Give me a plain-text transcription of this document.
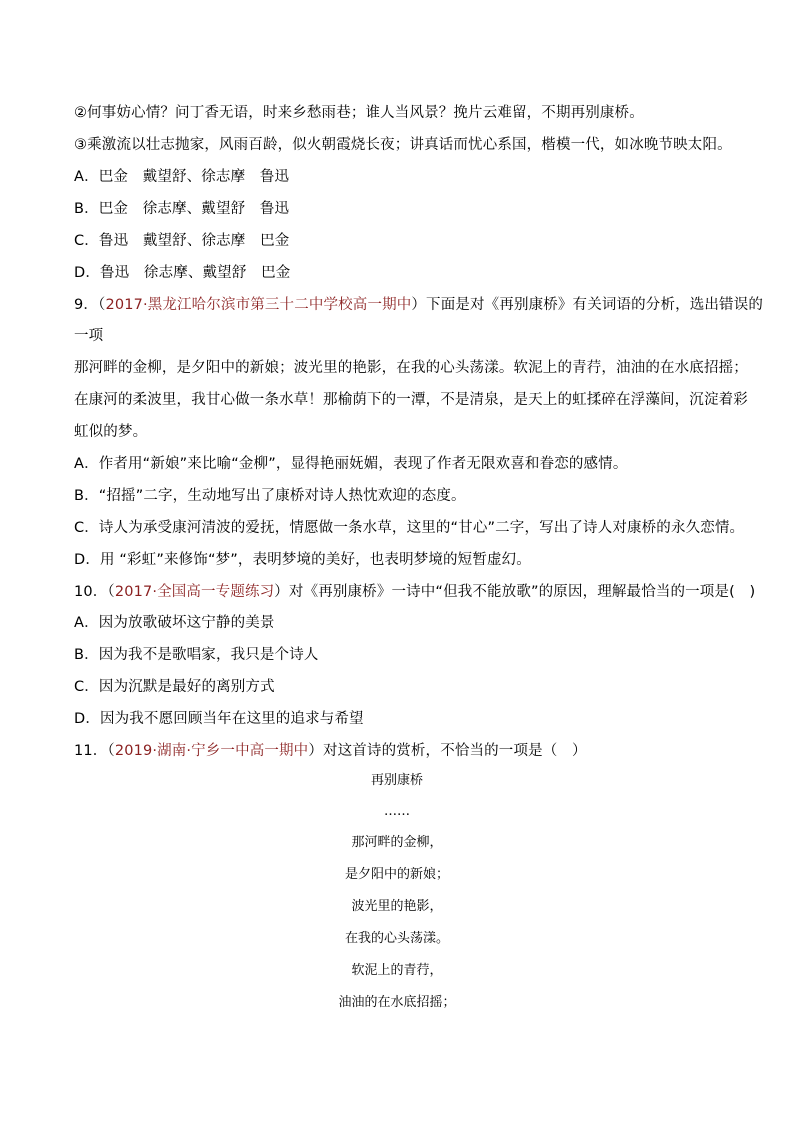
②何事妨心情？问丁香无语，时来乡愁雨巷；谁人当风景？挽片云难留，不期再别康桥。
③乘激流以壮志抛家，风雨百龄，似火朝霞烧长夜；讲真话而忧心系国，楷模一代，如冰晚节映太阳。
A．巴金　戴望舒、徐志摩　鲁迅
B．巴金　徐志摩、戴望舒　鲁迅
C．鲁迅　戴望舒、徐志摩　巴金
D．鲁迅　徐志摩、戴望舒　巴金
9．（2017·黑龙江哈尔滨市第三十二中学校高一期中）下面是对《再别康桥》有关词语的分析，选出错误的
一项
那河畔的金柳，是夕阳中的新娘；波光里的艳影，在我的心头荡漾。软泥上的青荇，油油的在水底招摇；
在康河的柔波里，我甘心做一条水草！那榆荫下的一潭，不是清泉，是天上的虹揉碎在浮藻间，沉淀着彩
虹似的梦。
A．作者用“新娘”来比喻“金柳”，显得艳丽妩媚，表现了作者无限欢喜和眷恋的感情。
B．“招摇”二字，生动地写出了康桥对诗人热忱欢迎的态度。
C．诗人为承受康河清波的爱抚，情愿做一条水草，这里的“甘心”二字，写出了诗人对康桥的永久恋情。
D．用 “彩虹”来修饰“梦”，表明梦境的美好，也表明梦境的短暂虚幻。
10．（2017·全国高一专题练习）对《再别康桥》一诗中“但我不能放歌”的原因，理解最恰当的一项是(　)
A．因为放歌破坏这宁静的美景
B．因为我不是歌唱家，我只是个诗人
C．因为沉默是最好的离别方式
D．因为我不愿回顾当年在这里的追求与希望
11．（2019·湖南·宁乡一中高一期中）对这首诗的赏析，不恰当的一项是（　）
再别康桥
……
那河畔的金柳，
是夕阳中的新娘；
波光里的艳影，
在我的心头荡漾。
软泥上的青荇，
油油的在水底招摇；
